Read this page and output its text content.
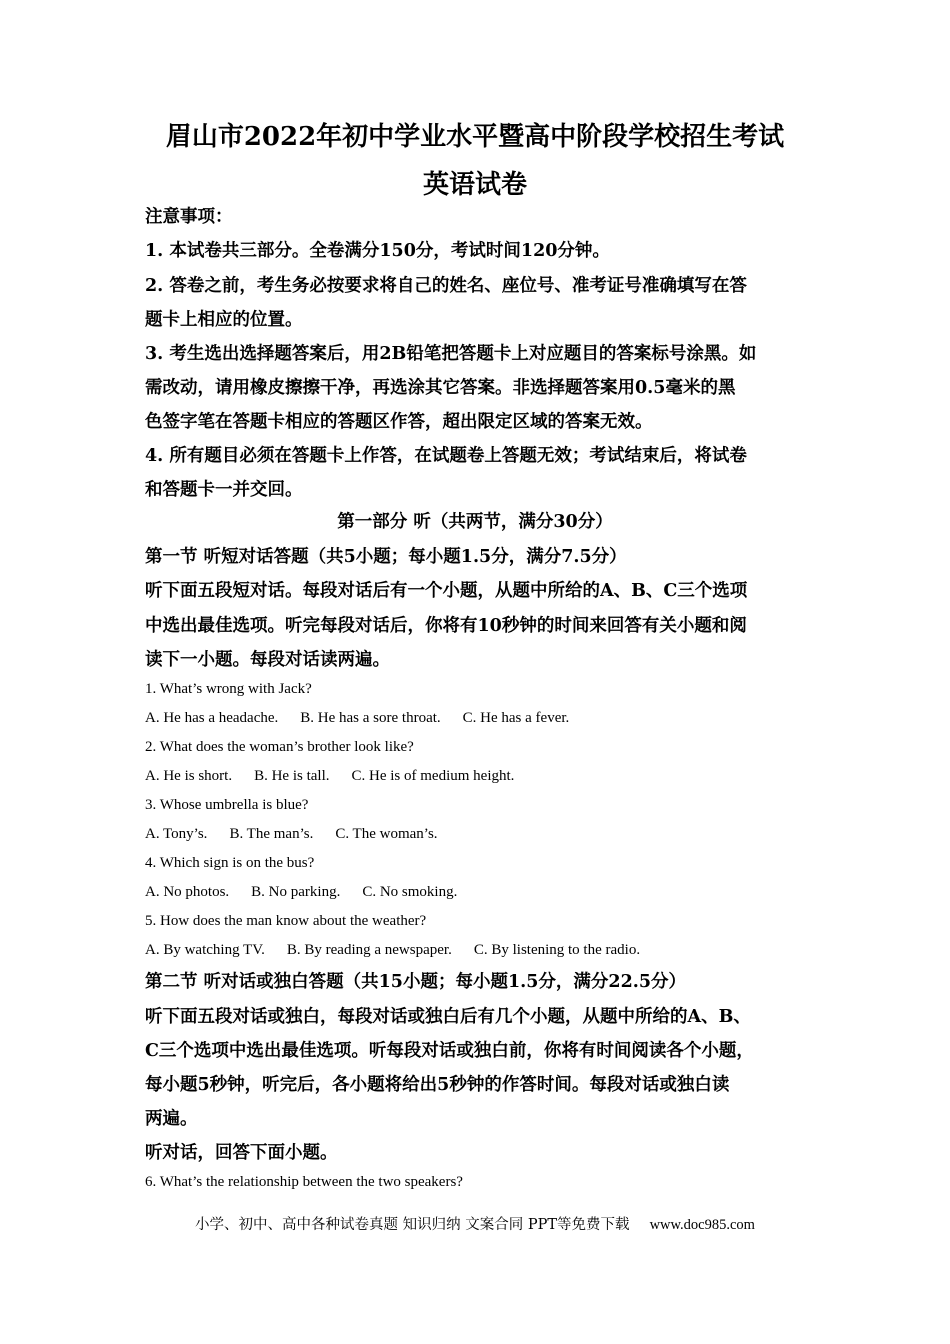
眉山市2022年初中学业水平暨高中阶段学校招生考试
英语试卷
注意事项：
1. 本试卷共三部分。全卷满分150分，考试时间120分钟。
2. 答卷之前，考生务必按要求将自己的姓名、座位号、准考证号准确填写在答
题卡上相应的位置。
3. 考生选出选择题答案后，用2B铅笔把答题卡上对应题目的答案标号涂黑。如
需改动，请用橡皮擦擦干净，再选涂其它答案。非选择题答案用0.5毫米的黑
色签字笔在答题卡相应的答题区作答，超出限定区域的答案无效。
4. 所有题目必须在答题卡上作答，在试题卷上答题无效；考试结束后，将试卷
和答题卡一并交回。
第一部分 听（共两节，满分30分）
第一节 听短对话答题（共5小题；每小题1.5分，满分7.5分）
听下面五段短对话。每段对话后有一个小题，从题中所给的A、B、C三个选项
中选出最佳选项。听完每段对话后，你将有10秒钟的时间来回答有关小题和阅
读下一小题。每段对话读两遍。
1. What’s wrong with Jack?
A. He has a headache. B. He has a sore throat. C. He has a fever.
2. What does the woman’s brother look like?
A. He is short. B. He is tall. C. He is of medium height.
3. Whose umbrella is blue?
A. Tony’s. B. The man’s. C. The woman’s.
4. Which sign is on the bus?
A. No photos. B. No parking. C. No smoking.
5. How does the man know about the weather?
A. By watching TV. B. By reading a newspaper. C. By listening to the radio.
第二节 听对话或独白答题（共15小题；每小题1.5分，满分22.5分）
听下面五段对话或独白，每段对话或独白后有几个小题，从题中所给的A、B、
C三个选项中选出最佳选项。听每段对话或独白前，你将有时间阅读各个小题，
每小题5秒钟，听完后，各小题将给出5秒钟的作答时间。每段对话或独白读
两遍。
听对话，回答下面小题。
6. What’s the relationship between the two speakers?
小学、初中、高中各种试卷真题 知识归纳 文案合同 PPT等免费下载 www.doc985.com
